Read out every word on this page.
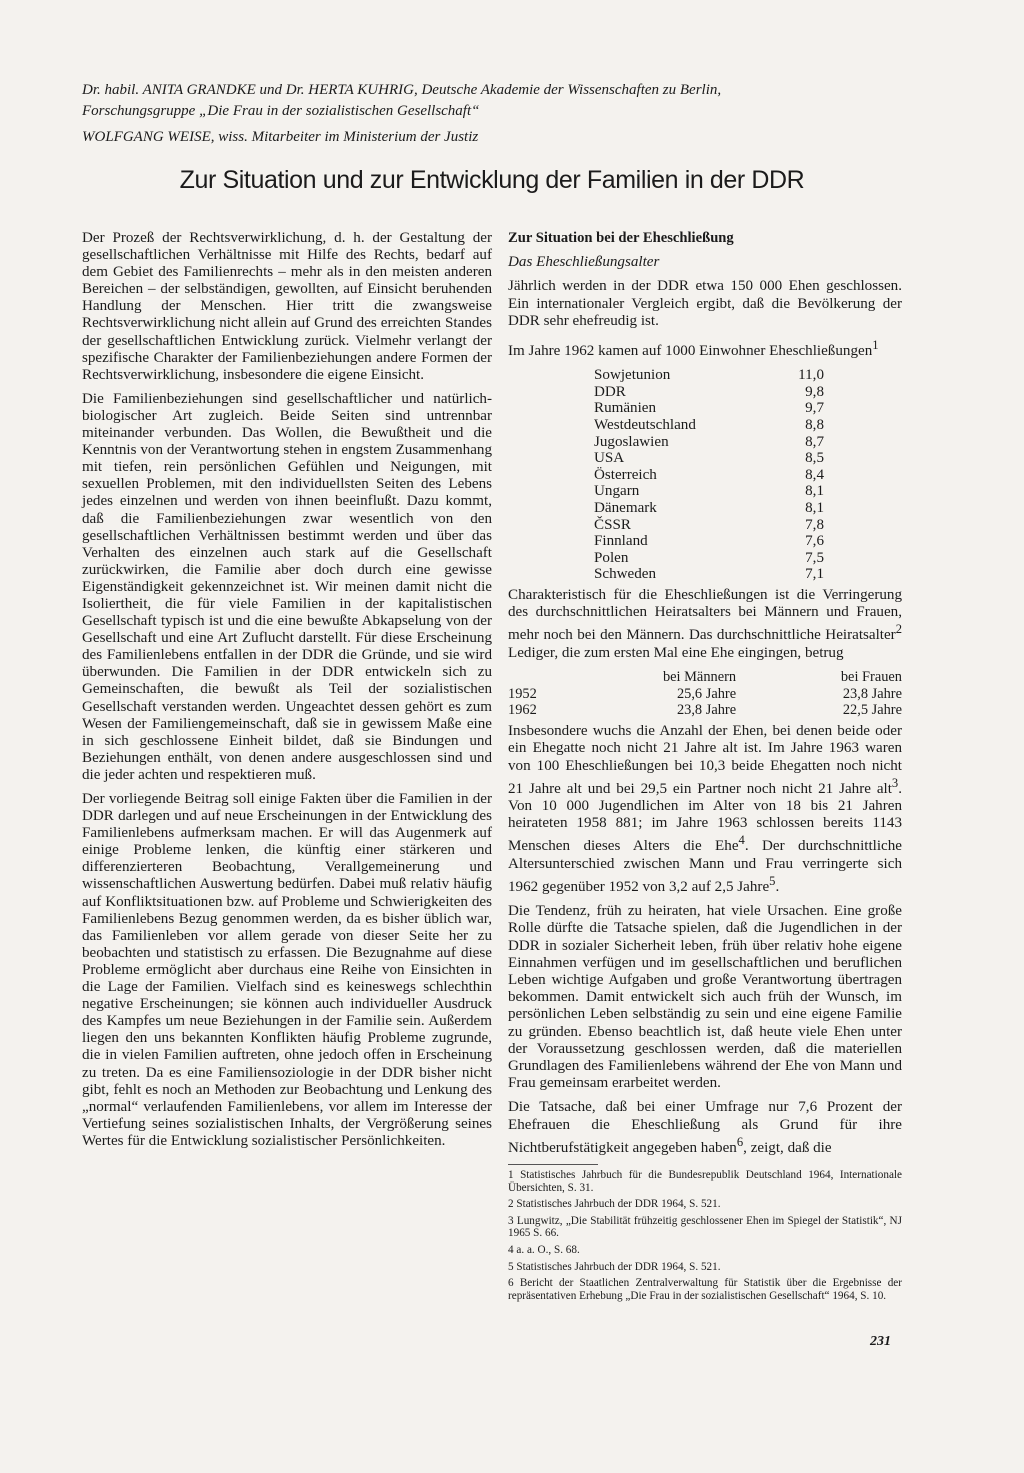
Dr. habil. ANITA GRANDKE und Dr. HERTA KUHRIG, Deutsche Akademie der Wissenschaften zu Berlin,

Forschungsgruppe „Die Frau in der sozialistischen Gesellschaft“

WOLFGANG WEISE, wiss. Mitarbeiter im Ministerium der Justiz

Zur Situation und zur Entwicklung der Familien in der DDR

Der Prozeß der Rechtsverwirklichung, d. h. der Gestaltung der gesellschaftlichen Verhältnisse mit Hilfe des Rechts, bedarf auf dem Gebiet des Familienrechts – mehr als in den meisten anderen Bereichen – der selbständigen, gewollten, auf Einsicht beruhenden Handlung der Menschen. Hier tritt die zwangsweise Rechtsverwirklichung nicht allein auf Grund des erreichten Standes der gesellschaftlichen Entwicklung zurück. Vielmehr verlangt der spezifische Charakter der Familienbeziehungen andere Formen der Rechtsverwirklichung, insbesondere die eigene Einsicht.

Die Familienbeziehungen sind gesellschaftlicher und natürlich-biologischer Art zugleich. Beide Seiten sind untrennbar miteinander verbunden. Das Wollen, die Bewußtheit und die Kenntnis von der Verantwortung stehen in engstem Zusammenhang mit tiefen, rein persönlichen Gefühlen und Neigungen, mit sexuellen Problemen, mit den individuellsten Seiten des Lebens jedes einzelnen und werden von ihnen beeinflußt. Dazu kommt, daß die Familienbeziehungen zwar wesentlich von den gesellschaftlichen Verhältnissen bestimmt werden und über das Verhalten des einzelnen auch stark auf die Gesellschaft zurückwirken, die Familie aber doch durch eine gewisse Eigenständigkeit gekennzeichnet ist. Wir meinen damit nicht die Isoliertheit, die für viele Familien in der kapitalistischen Gesellschaft typisch ist und die eine bewußte Abkapselung von der Gesellschaft und eine Art Zuflucht darstellt. Für diese Erscheinung des Familienlebens entfallen in der DDR die Gründe, und sie wird überwunden. Die Familien in der DDR entwickeln sich zu Gemeinschaften, die bewußt als Teil der sozialistischen Gesellschaft verstanden werden. Ungeachtet dessen gehört es zum Wesen der Familiengemeinschaft, daß sie in gewissem Maße eine in sich geschlossene Einheit bildet, daß sie Bindungen und Beziehungen enthält, von denen andere ausgeschlossen sind und die jeder achten und respektieren muß.

Der vorliegende Beitrag soll einige Fakten über die Familien in der DDR darlegen und auf neue Erscheinungen in der Entwicklung des Familienlebens aufmerksam machen. Er will das Augenmerk auf einige Probleme lenken, die künftig einer stärkeren und differenzierteren Beobachtung, Verallgemeinerung und wissenschaftlichen Auswertung bedürfen. Dabei muß relativ häufig auf Konfliktsituationen bzw. auf Probleme und Schwierigkeiten des Familienlebens Bezug genommen werden, da es bisher üblich war, das Familienleben vor allem gerade von dieser Seite her zu beobachten und statistisch zu erfassen. Die Bezugnahme auf diese Probleme ermöglicht aber durchaus eine Reihe von Einsichten in die Lage der Familien. Vielfach sind es keineswegs schlechthin negative Erscheinungen; sie können auch individueller Ausdruck des Kampfes um neue Beziehungen in der Familie sein. Außerdem liegen den uns bekannten Konflikten häufig Probleme zugrunde, die in vielen Familien auftreten, ohne jedoch offen in Erscheinung zu treten. Da es eine Familiensoziologie in der DDR bisher nicht gibt, fehlt es noch an Methoden zur Beobachtung und Lenkung des „normal“ verlaufenden Familienlebens, vor allem im Interesse der Vertiefung seines sozialistischen Inhalts, der Vergrößerung seines Wertes für die Entwicklung sozialistischer Persönlichkeiten.

Zur Situation bei der Eheschließung

Das Eheschließungsalter

Jährlich werden in der DDR etwa 150 000 Ehen geschlossen. Ein internationaler Vergleich ergibt, daß die Bevölkerung der DDR sehr ehefreudig ist.

Im Jahre 1962 kamen auf 1000 Einwohner Eheschließungen$^1$

Sowjetunion	11,0
DDR	9,8
Rumänien	9,7
Westdeutschland	8,8
Jugoslawien	8,7
USA	8,5
Österreich	8,4
Ungarn	8,1
Dänemark	8,1
ČSSR	7,8
Finnland	7,6
Polen	7,5
Schweden	7,1

Charakteristisch für die Eheschließungen ist die Verringerung des durchschnittlichen Heiratsalters bei Männern und Frauen, mehr noch bei den Männern. Das durchschnittliche Heiratsalter$^2$ Lediger, die zum ersten Mal eine Ehe eingingen, betrug

	bei Männern	bei Frauen
1952	25,6 Jahre	23,8 Jahre
1962	23,8 Jahre	22,5 Jahre

Insbesondere wuchs die Anzahl der Ehen, bei denen beide oder ein Ehegatte noch nicht 21 Jahre alt ist. Im Jahre 1963 waren von 100 Eheschließungen bei 10,3 beide Ehegatten noch nicht 21 Jahre alt und bei 29,5 ein Partner noch nicht 21 Jahre alt$^3$. Von 10 000 Jugendlichen im Alter von 18 bis 21 Jahren heirateten 1958 881; im Jahre 1963 schlossen bereits 1143 Menschen dieses Alters die Ehe$^4$. Der durchschnittliche Altersunterschied zwischen Mann und Frau verringerte sich 1962 gegenüber 1952 von 3,2 auf 2,5 Jahre$^5$.

Die Tendenz, früh zu heiraten, hat viele Ursachen. Eine große Rolle dürfte die Tatsache spielen, daß die Jugendlichen in der DDR in sozialer Sicherheit leben, früh über relativ hohe eigene Einnahmen verfügen und im gesellschaftlichen und beruflichen Leben wichtige Aufgaben und große Verantwortung übertragen bekommen. Damit entwickelt sich auch früh der Wunsch, im persönlichen Leben selbständig zu sein und eine eigene Familie zu gründen. Ebenso beachtlich ist, daß heute viele Ehen unter der Voraussetzung geschlossen werden, daß die materiellen Grundlagen des Familienlebens während der Ehe von Mann und Frau gemeinsam erarbeitet werden.

Die Tatsache, daß bei einer Umfrage nur 7,6 Prozent der Ehefrauen die Eheschließung als Grund für ihre Nichtberufstätigkeit angegeben haben$^6$, zeigt, daß die

1 Statistisches Jahrbuch für die Bundesrepublik Deutschland 1964, Internationale Übersichten, S. 31.

2 Statistisches Jahrbuch der DDR 1964, S. 521.

3 Lungwitz, „Die Stabilität frühzeitig geschlossener Ehen im Spiegel der Statistik“, NJ 1965 S. 66.

4 a. a. O., S. 68.

5 Statistisches Jahrbuch der DDR 1964, S. 521.

6 Bericht der Staatlichen Zentralverwaltung für Statistik über die Ergebnisse der repräsentativen Erhebung „Die Frau in der sozialistischen Gesellschaft“ 1964, S. 10.

231
